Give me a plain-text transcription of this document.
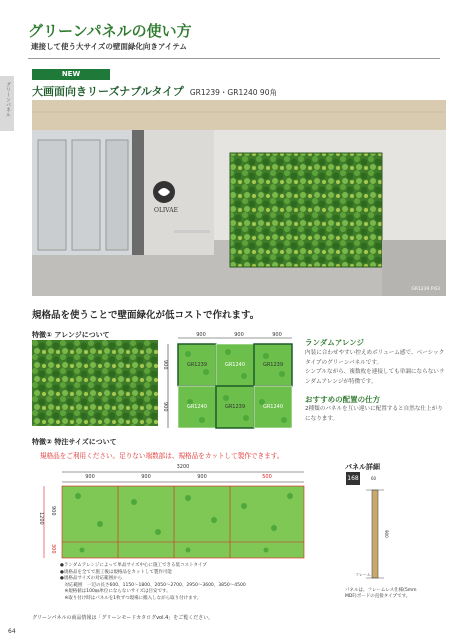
グリーンパネルの使い方
連接して使う大サイズの壁面緑化向きアイテム
グリーンパネル
NEW
大画面向きリーズナブルタイプ GR1239・GR1240 90角
OLIVAE
GR1239 P.63
規格品を使うことで壁面緑化が低コストで作れます。
特徴① アレンジについて	900	900	900
900
900
GR1239	GR1240	GR1239
GR1240	GR1239	GR1240
ランダムアレンジ
内装に合わせやすい控えめボリューム感で、ベーシックタイプのグリーンパネルです。
シンプルながら、複数枚を連接しても単調にならないランダムアレンジが特徴です。
おすすめの配置の仕方
2種類のパネルを互い違いに配置すると自然な仕上がりになります。
特徴② 特注サイズについて
規格品をご利用ください。足りない端数部は、規格品をカットして製作できます。
3200
900	900	900	500
1200
900
300
●ランダムアレンジによって単品サイズ中心に施工できる低コストタイプ
●規格品を全てで施工後は規格品をカットして製作可能
●規格品サイズの対応範囲から
　対応範囲　一辺の長さ600、1150〜1800、2050〜2700、2950〜3600、3850〜4500
　※規格値は100㎜単位にならないサイズは目安です。
　※取り付け時はパネルを1枚ずつ現場に搬入しながら取り付けます。
パネル詳細
168	60
900
フレーム
パネルは、フレームレス仕様(5mm MDF)ボードの直接タイプです。
グリーンパネルの商品情報は「グリーンモードカタログvol.4」をご覧ください。
64
